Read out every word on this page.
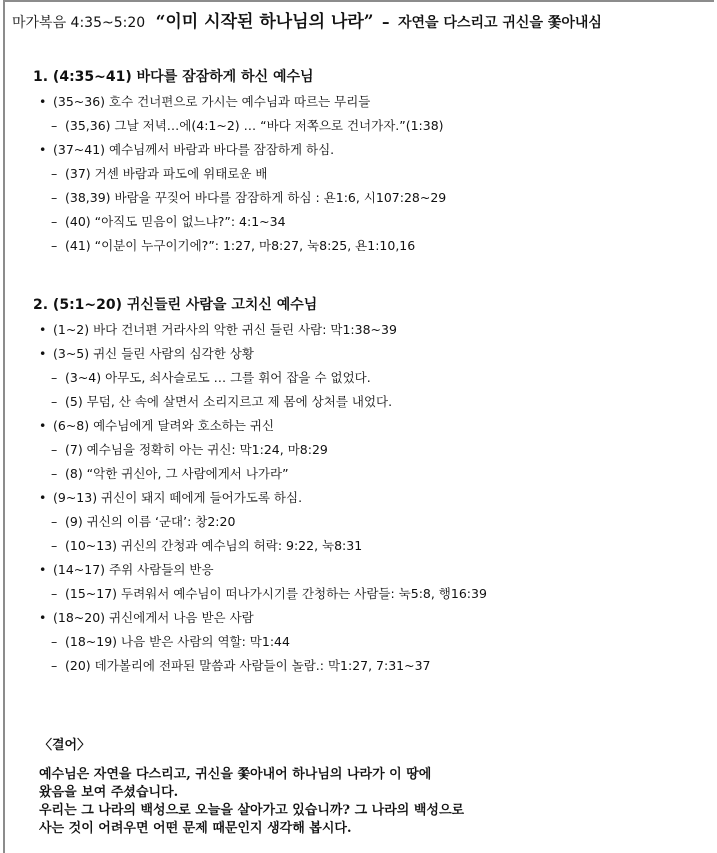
마가복음 4:35~5:20 “이미 시작된 하나님의 나라” – 자연을 다스리고 귀신을 쫓아내심
1. (4:35~41) 바다를 잠잠하게 하신 예수님
• (35~36) 호수 건너편으로 가시는 예수님과 따르는 무리들
– (35,36) 그날 저녁…에(4:1~2) … “바다 저쪽으로 건너가자.”(1:38)
• (37~41) 예수님께서 바람과 바다를 잠잠하게 하심.
– (37) 거센 바람과 파도에 위태로운 배
– (38,39) 바람을 꾸짖어 바다를 잠잠하게 하심 : 욘1:6, 시107:28~29
– (40) “아직도 믿음이 없느냐?”: 4:1~34
– (41) “이분이 누구이기에?”: 1:27, 마8:27, 눅8:25, 욘1:10,16
2. (5:1~20) 귀신들린 사람을 고치신 예수님
• (1~2) 바다 건너편 거라사의 악한 귀신 들린 사람: 막1:38~39
• (3~5) 귀신 들린 사람의 심각한 상황
– (3~4) 아무도, 쇠사슬로도 … 그를 휘어 잡을 수 없었다.
– (5) 무덤, 산 속에 살면서 소리지르고 제 몸에 상처를 내었다.
• (6~8) 예수님에게 달려와 호소하는 귀신
– (7) 예수님을 정확히 아는 귀신: 막1:24, 마8:29
– (8) “악한 귀신아, 그 사람에게서 나가라”
• (9~13) 귀신이 돼지 떼에게 들어가도록 하심.
– (9) 귀신의 이름 ‘군대’: 창2:20
– (10~13) 귀신의 간청과 예수님의 허락: 9:22, 눅8:31
• (14~17) 주위 사람들의 반응
– (15~17) 두려워서 예수님이 떠나가시기를 간청하는 사람들: 눅5:8, 행16:39
• (18~20) 귀신에게서 나음 받은 사람
– (18~19) 나음 받은 사람의 역할: 막1:44
– (20) 데가볼리에 전파된 말씀과 사람들이 놀람.: 막1:27, 7:31~37
〈결어〉
예수님은 자연을 다스리고, 귀신을 쫓아내어 하나님의 나라가 이 땅에
왔음을 보여 주셨습니다.
우리는 그 나라의 백성으로 오늘을 살아가고 있습니까? 그 나라의 백성으로
사는 것이 어려우면 어떤 문제 때문인지 생각해 봅시다.
